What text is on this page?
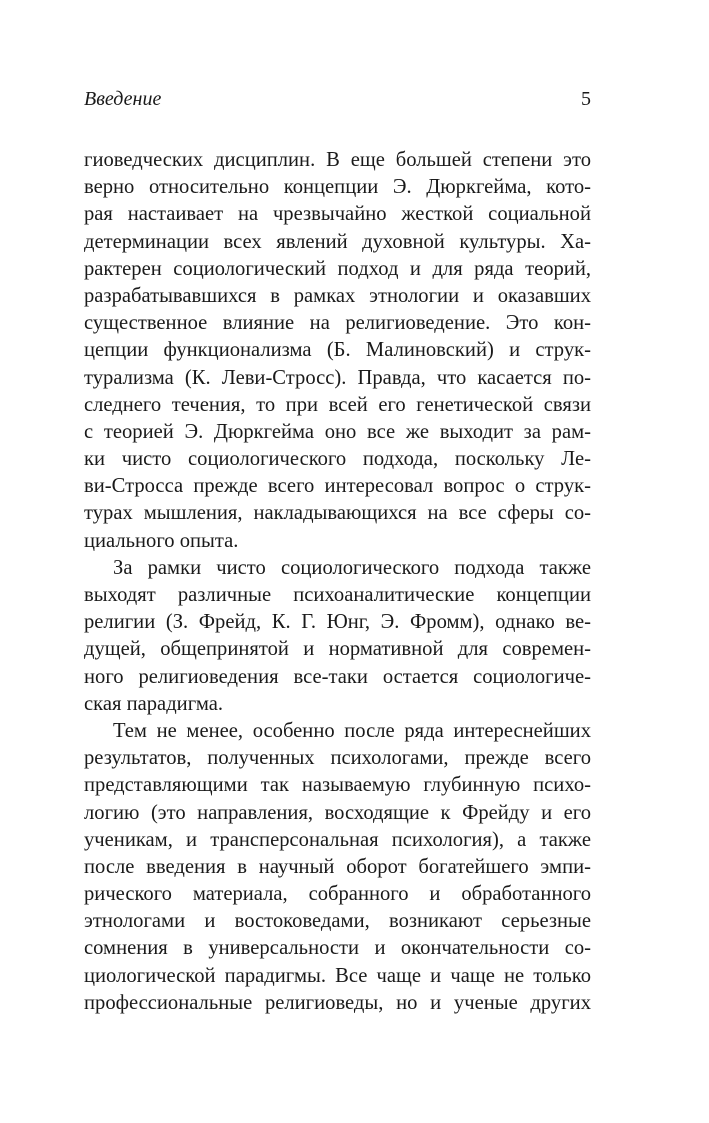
Введение	5
гиоведческих дисциплин. В еще большей степени это
верно относительно концепции Э. Дюркгейма, кото-
рая настаивает на чрезвычайно жесткой социальной
детерминации всех явлений духовной культуры. Ха-
рактерен социологический подход и для ряда теорий,
разрабатывавшихся в рамках этнологии и оказавших
существенное влияние на религиоведение. Это кон-
цепции функционализма (Б. Малиновский) и струк-
турализма (К. Леви-Стросс). Правда, что касается по-
следнего течения, то при всей его генетической связи
с теорией Э. Дюркгейма оно все же выходит за рам-
ки чисто социологического подхода, поскольку Ле-
ви-Стросса прежде всего интересовал вопрос о струк-
турах мышления, накладывающихся на все сферы со-
циального опыта.
За рамки чисто социологического подхода также
выходят различные психоаналитические концепции
религии (З. Фрейд, К. Г. Юнг, Э. Фромм), однако ве-
дущей, общепринятой и нормативной для современ-
ного религиоведения все-таки остается социологиче-
ская парадигма.
Тем не менее, особенно после ряда интереснейших
результатов, полученных психологами, прежде всего
представляющими так называемую глубинную психо-
логию (это направления, восходящие к Фрейду и его
ученикам, и трансперсональная психология), а также
после введения в научный оборот богатейшего эмпи-
рического материала, собранного и обработанного
этнологами и востоковедами, возникают серьезные
сомнения в универсальности и окончательности со-
циологической парадигмы. Все чаще и чаще не только
профессиональные религиоведы, но и ученые других
